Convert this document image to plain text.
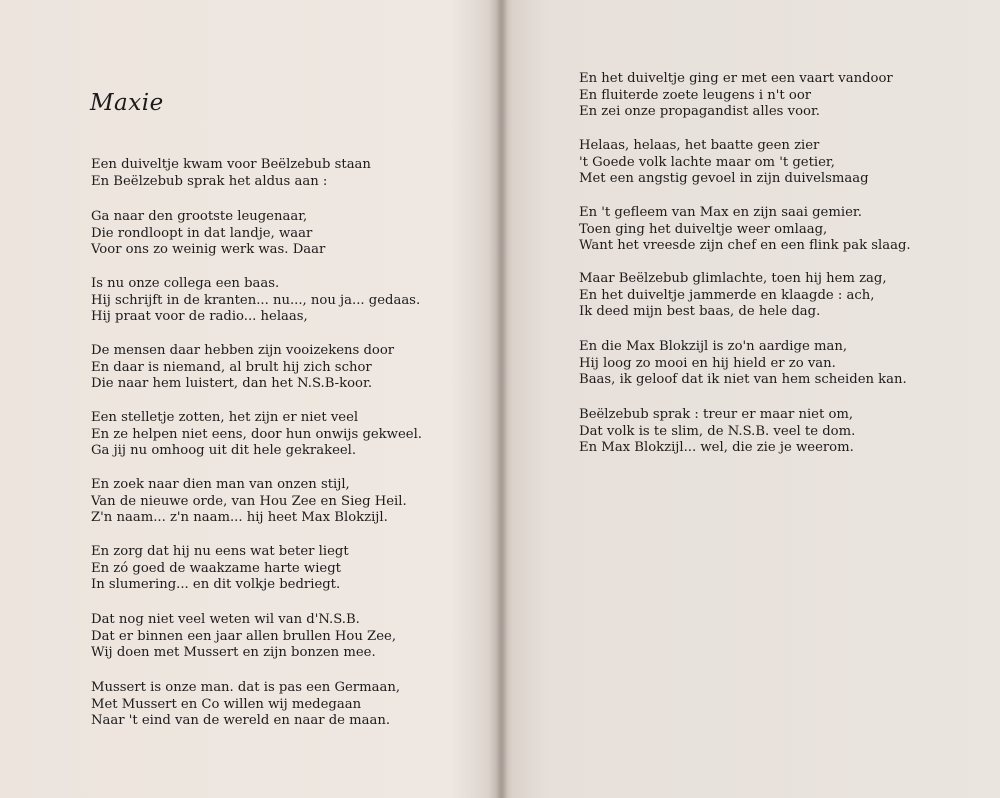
Maxie

Een duiveltje kwam voor Beëlzebub staan
En Beëlzebub sprak het aldus aan :

Ga naar den grootste leugenaar,
Die rondloopt in dat landje, waar
Voor ons zo weinig werk was. Daar

Is nu onze collega een baas.
Hij schrijft in de kranten... nu..., nou ja... gedaas.
Hij praat voor de radio... helaas,

De mensen daar hebben zijn vooizekens door
En daar is niemand, al brult hij zich schor
Die naar hem luistert, dan het N.S.B-koor.

Een stelletje zotten, het zijn er niet veel
En ze helpen niet eens, door hun onwijs gekweel.
Ga jij nu omhoog uit dit hele gekrakeel.

En zoek naar dien man van onzen stijl,
Van de nieuwe orde, van Hou Zee en Sieg Heil.
Z'n naam... z'n naam... hij heet Max Blokzijl.

En zorg dat hij nu eens wat beter liegt
En zó goed de waakzame harte wiegt
In slumering... en dit volkje bedriegt.

Dat nog niet veel weten wil van d'N.S.B.
Dat er binnen een jaar allen brullen Hou Zee,
Wij doen met Mussert en zijn bonzen mee.

Mussert is onze man. dat is pas een Germaan,
Met Mussert en Co willen wij medegaan
Naar 't eind van de wereld en naar de maan.

En het duiveltje ging er met een vaart vandoor
En fluiterde zoete leugens i n't oor
En zei onze propagandist alles voor.

Helaas, helaas, het baatte geen zier
't Goede volk lachte maar om 't getier,
Met een angstig gevoel in zijn duivelsmaag

En 't gefleem van Max en zijn saai gemier.
Toen ging het duiveltje weer omlaag,
Want het vreesde zijn chef en een flink pak slaag.

Maar Beëlzebub glimlachte, toen hij hem zag,
En het duiveltje jammerde en klaagde : ach,
Ik deed mijn best baas, de hele dag.

En die Max Blokzijl is zo'n aardige man,
Hij loog zo mooi en hij hield er zo van.
Baas, ik geloof dat ik niet van hem scheiden kan.

Beëlzebub sprak : treur er maar niet om,
Dat volk is te slim, de N.S.B. veel te dom.
En Max Blokzijl... wel, die zie je weerom.
